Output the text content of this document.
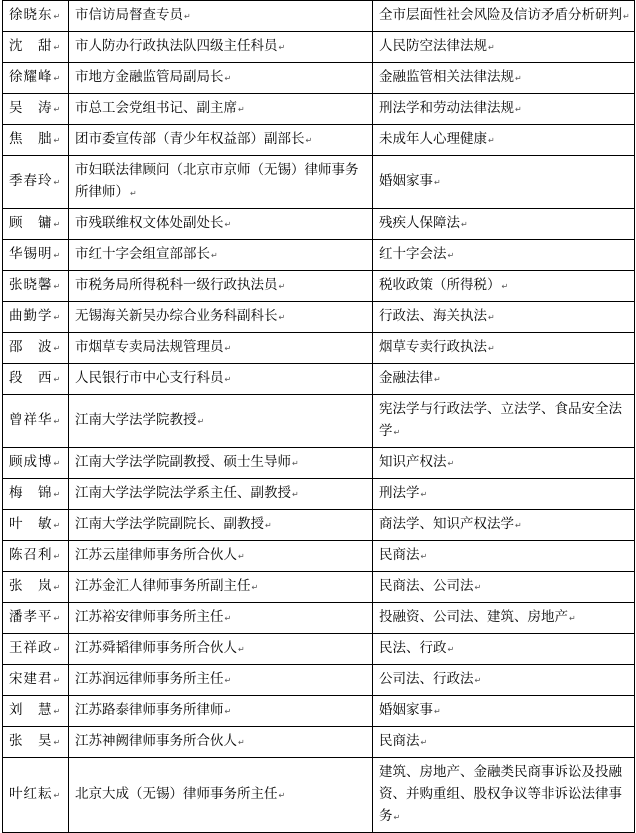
徐晓东↵	市信访局督查专员↵	全市层面性社会风险及信访矛盾分析研判↵
沈　甜↵	市人防办行政执法队四级主任科员↵	人民防空法律法规↵
徐耀峰↵	市地方金融监管局副局长↵	金融监管相关法律法规↵
吴　涛↵	市总工会党组书记、副主席↵	刑法学和劳动法律法规↵
焦　朏↵	团市委宣传部（青少年权益部）副部长↵	未成年人心理健康↵
季春玲↵	市妇联法律顾问（北京市京师（无锡）律师事务所律师）↵	婚姻家事↵
顾　镛↵	市残联维权文体处副处长↵	残疾人保障法↵
华锡明↵	市红十字会组宣部部长↵	红十字会法↵
张晓馨↵	市税务局所得税科一级行政执法员↵	税收政策（所得税）↵
曲勤学↵	无锡海关新吴办综合业务科副科长↵	行政法、海关执法↵
邵　波↵	市烟草专卖局法规管理员↵	烟草专卖行政执法↵
段　西↵	人民银行市中心支行科员↵	金融法律↵
曾祥华↵	江南大学法学院教授↵	宪法学与行政法学、立法学、食品安全法学↵
顾成博↵	江南大学法学院副教授、硕士生导师↵	知识产权法↵
梅　锦↵	江南大学法学院法学系主任、副教授↵	刑法学↵
叶　敏↵	江南大学法学院副院长、副教授↵	商法学、知识产权法学↵
陈召利↵	江苏云崖律师事务所合伙人↵	民商法↵
张　岚↵	江苏金汇人律师事务所副主任↵	民商法、公司法↵
潘孝平↵	江苏裕安律师事务所主任↵	投融资、公司法、建筑、房地产↵
王祥政↵	江苏舜韬律师事务所合伙人↵	民法、行政↵
宋建君↵	江苏润远律师事务所主任↵	公司法、行政法↵
刘　慧↵	江苏路泰律师事务所律师↵	婚姻家事↵
张　昊↵	江苏神阙律师事务所合伙人↵	民商法↵
叶红耘↵	北京大成（无锡）律师事务所主任↵	建筑、房地产、金融类民商事诉讼及投融资、并购重组、股权争议等非诉讼法律事务↵
